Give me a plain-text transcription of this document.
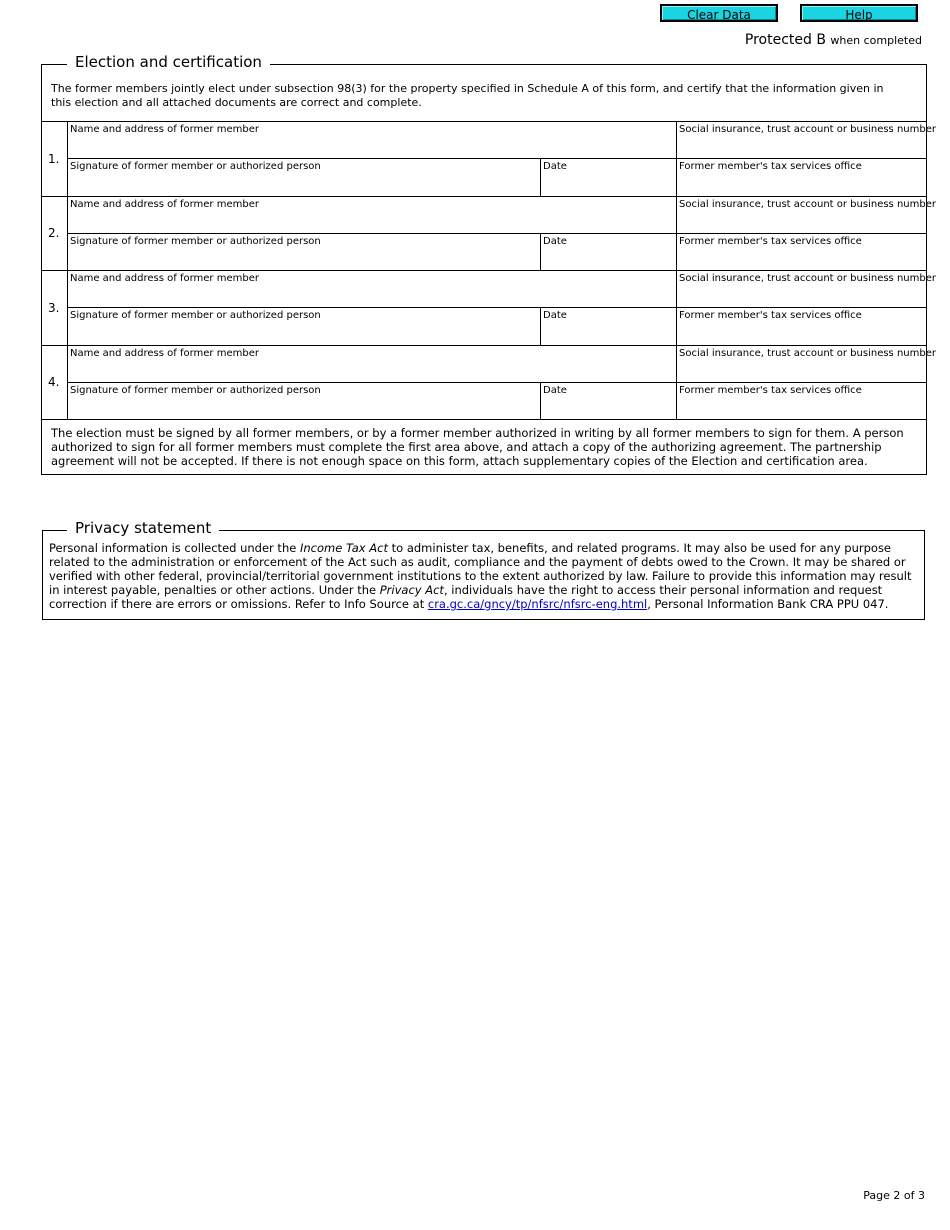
Clear Data	Help
Protected B when completed
Election and certification
The former members jointly elect under subsection 98(3) for the property specified in Schedule A of this form, and certify that the information given in this election and all attached documents are correct and complete.
1.
Name and address of former member	Social insurance, trust account or business number
Signature of former member or authorized person	Date	Former member's tax services office
2.
Name and address of former member	Social insurance, trust account or business number
Signature of former member or authorized person	Date	Former member's tax services office
3.
Name and address of former member	Social insurance, trust account or business number
Signature of former member or authorized person	Date	Former member's tax services office
4.
Name and address of former member	Social insurance, trust account or business number
Signature of former member or authorized person	Date	Former member's tax services office
The election must be signed by all former members, or by a former member authorized in writing by all former members to sign for them. A person authorized to sign for all former members must complete the first area above, and attach a copy of the authorizing agreement. The partnership agreement will not be accepted. If there is not enough space on this form, attach supplementary copies of the Election and certification area.
Privacy statement
Personal information is collected under the Income Tax Act to administer tax, benefits, and related programs. It may also be used for any purpose related to the administration or enforcement of the Act such as audit, compliance and the payment of debts owed to the Crown. It may be shared or verified with other federal, provincial/territorial government institutions to the extent authorized by law. Failure to provide this information may result in interest payable, penalties or other actions. Under the Privacy Act, individuals have the right to access their personal information and request correction if there are errors or omissions. Refer to Info Source at cra.gc.ca/gncy/tp/nfsrc/nfsrc-eng.html, Personal Information Bank CRA PPU 047.
Page 2 of 3
